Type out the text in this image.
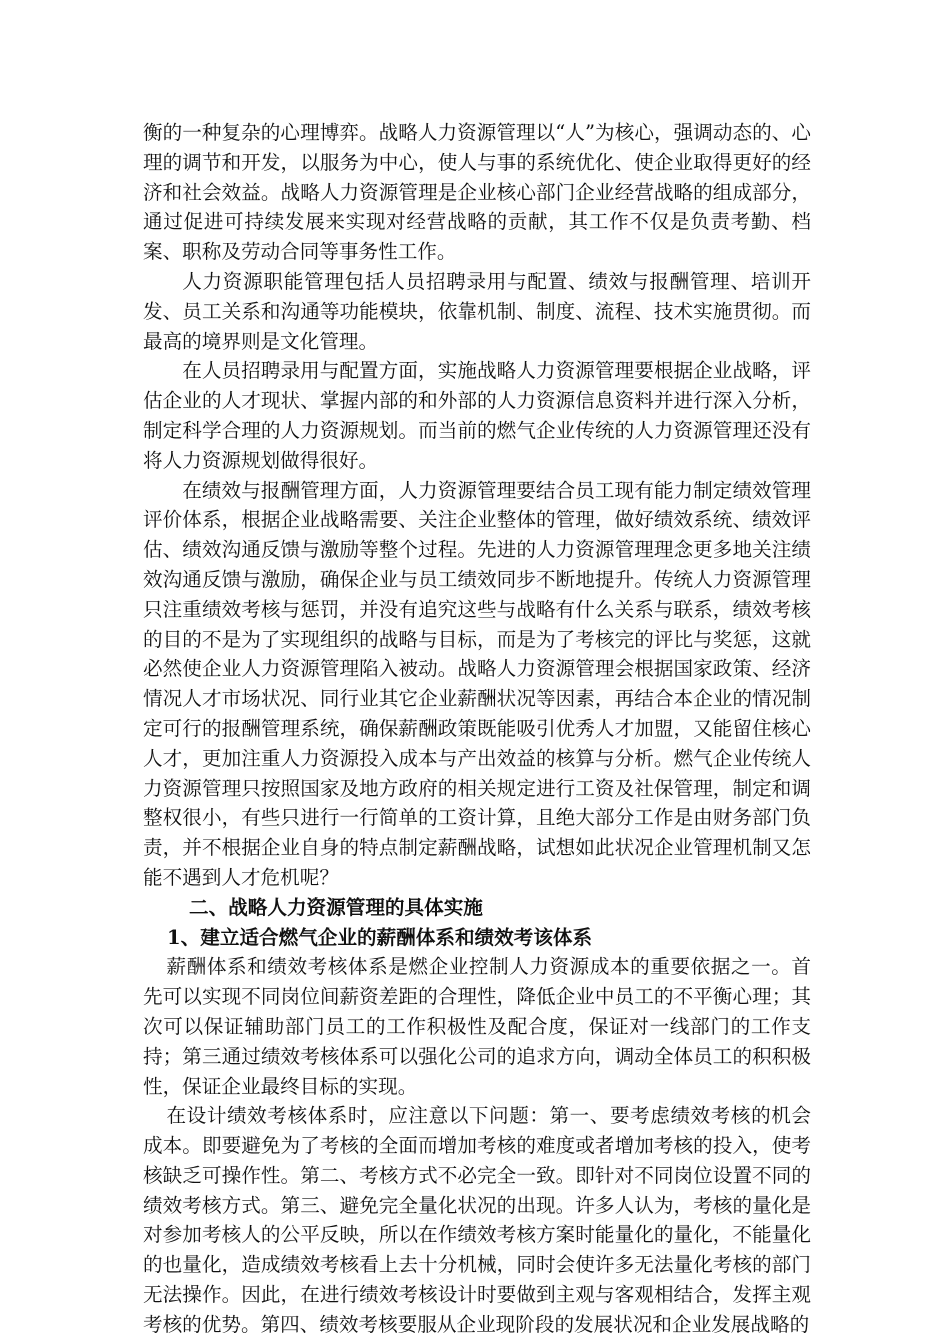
衡的一种复杂的心理博弈。战略人力资源管理以“人”为核心，强调动态的、心理的调节和开发，以服务为中心，使人与事的系统优化、使企业取得更好的经济和社会效益。战略人力资源管理是企业核心部门企业经营战略的组成部分，通过促进可持续发展来实现对经营战略的贡献，其工作不仅是负责考勤、档案、职称及劳动合同等事务性工作。

人力资源职能管理包括人员招聘录用与配置、绩效与报酬管理、培训开发、员工关系和沟通等功能模块，依靠机制、制度、流程、技术实施贯彻。而最高的境界则是文化管理。

在人员招聘录用与配置方面，实施战略人力资源管理要根据企业战略，评估企业的人才现状、掌握内部的和外部的人力资源信息资料并进行深入分析，制定科学合理的人力资源规划。而当前的燃气企业传统的人力资源管理还没有将人力资源规划做得很好。

在绩效与报酬管理方面，人力资源管理要结合员工现有能力制定绩效管理评价体系，根据企业战略需要、关注企业整体的管理，做好绩效系统、绩效评估、绩效沟通反馈与激励等整个过程。先进的人力资源管理理念更多地关注绩效沟通反馈与激励，确保企业与员工绩效同步不断地提升。传统人力资源管理只注重绩效考核与惩罚，并没有追究这些与战略有什么关系与联系，绩效考核的目的不是为了实现组织的战略与目标，而是为了考核完的评比与奖惩，这就必然使企业人力资源管理陷入被动。战略人力资源管理会根据国家政策、经济情况人才市场状况、同行业其它企业薪酬状况等因素，再结合本企业的情况制定可行的报酬管理系统，确保薪酬政策既能吸引优秀人才加盟，又能留住核心人才，更加注重人力资源投入成本与产出效益的核算与分析。燃气企业传统人力资源管理只按照国家及地方政府的相关规定进行工资及社保管理，制定和调整权很小，有些只进行一行简单的工资计算，且绝大部分工作是由财务部门负责，并不根据企业自身的特点制定薪酬战略，试想如此状况企业管理机制又怎能不遇到人才危机呢？

二、战略人力资源管理的具体实施

1、建立适合燃气企业的薪酬体系和绩效考该体系

薪酬体系和绩效考核体系是燃企业控制人力资源成本的重要依据之一。首先可以实现不同岗位间薪资差距的合理性，降低企业中员工的不平衡心理；其次可以保证辅助部门员工的工作积极性及配合度，保证对一线部门的工作支持；第三通过绩效考核体系可以强化公司的追求方向，调动全体员工的积积极性，保证企业最终目标的实现。

在设计绩效考核体系时，应注意以下问题：第一、要考虑绩效考核的机会成本。即要避免为了考核的全面而增加考核的难度或者增加考核的投入，使考核缺乏可操作性。第二、考核方式不必完全一致。即针对不同岗位设置不同的绩效考核方式。第三、避免完全量化状况的出现。许多人认为，考核的量化是对参加考核人的公平反映，所以在作绩效考核方案时能量化的量化，不能量化的也量化，造成绩效考核看上去十分机械，同时会使许多无法量化考核的部门无法操作。因此，在进行绩效考核设计时要做到主观与客观相结合，发挥主观考核的优势。第四、绩效考核要服从企业现阶段的发展状况和企业发展战略的
